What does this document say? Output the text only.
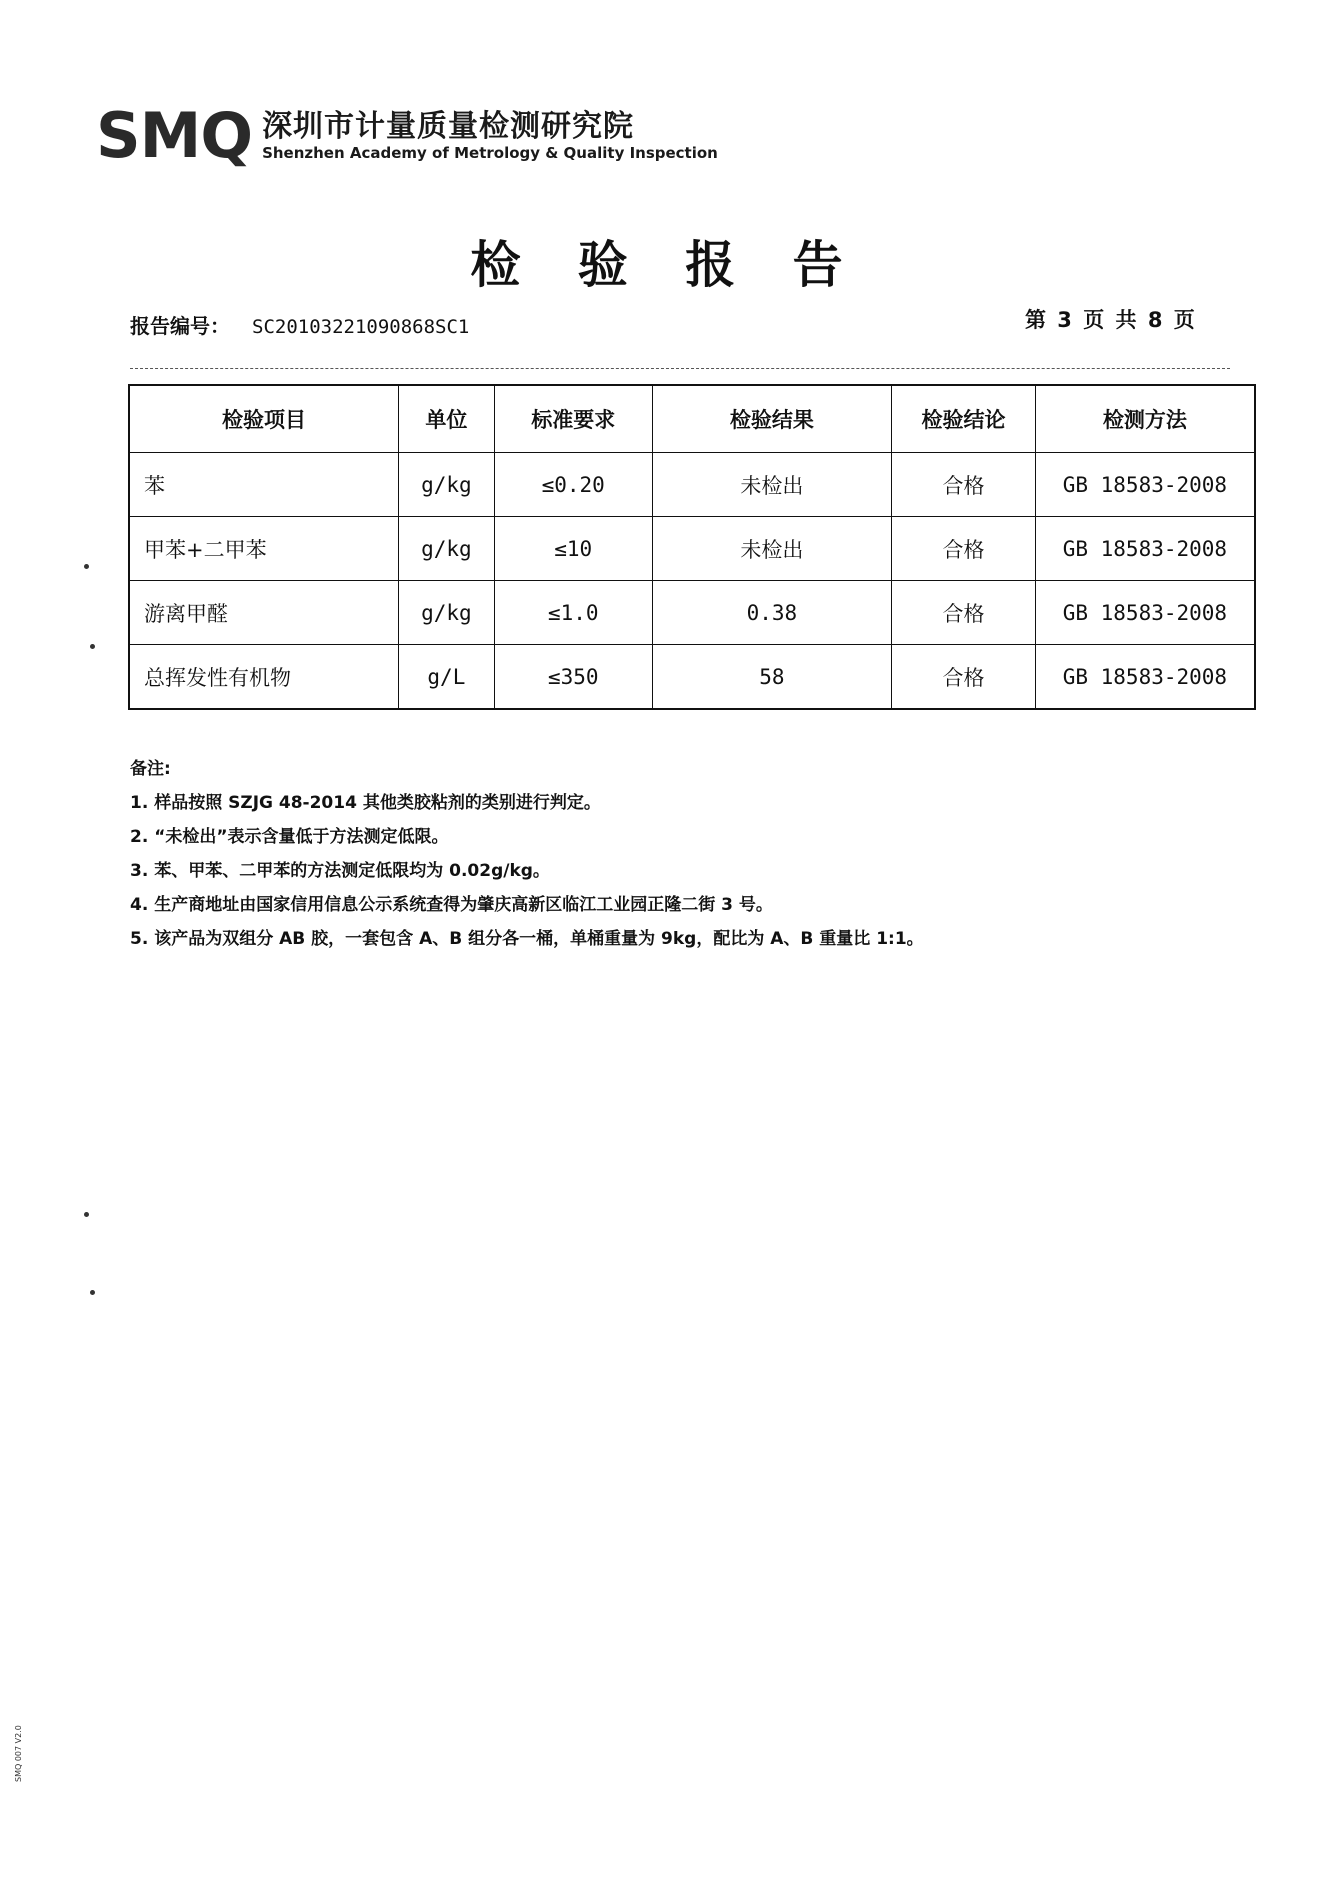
SMQ 深圳市计量质量检测研究院
Shenzhen Academy of Metrology & Quality Inspection
检 验 报 告
报告编号： SC20103221090868SC1	第 3 页 共 8 页
检验项目	单位	标准要求	检验结果	检验结论	检测方法
苯	g/kg	≤0.20	未检出	合格	GB 18583-2008
甲苯+二甲苯	g/kg	≤10	未检出	合格	GB 18583-2008
游离甲醛	g/kg	≤1.0	0.38	合格	GB 18583-2008
总挥发性有机物	g/L	≤350	58	合格	GB 18583-2008
备注:
1. 样品按照 SZJG 48-2014 其他类胶粘剂的类别进行判定。
2. “未检出”表示含量低于方法测定低限。
3. 苯、甲苯、二甲苯的方法测定低限均为 0.02g/kg。
4. 生产商地址由国家信用信息公示系统查得为肇庆高新区临江工业园正隆二街 3 号。
5. 该产品为双组分 AB 胶，一套包含 A、B 组分各一桶，单桶重量为 9kg，配比为 A、B 重量比 1:1。
SMQ 007 V2.0
